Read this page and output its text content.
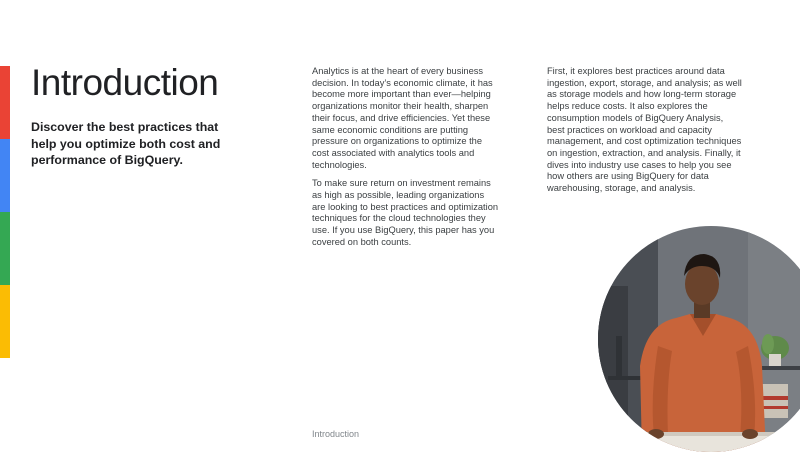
Introduction

Discover the best practices that help you optimize both cost and performance of BigQuery.

Analytics is at the heart of every business decision. In today’s economic climate, it has become more important than ever—helping organizations monitor their health, sharpen their focus, and drive efficiencies. Yet these same economic conditions are putting pressure on organizations to optimize the cost associated with analytics tools and technologies.

To make sure return on investment remains as high as possible, leading organizations are looking to best practices and optimization techniques for the cloud technologies they use. If you use BigQuery, this paper has you covered on both counts.

First, it explores best practices around data ingestion, export, storage, and analysis; as well as storage models and how long-term storage helps reduce costs. It also explores the consumption models of BigQuery Analysis, best practices on workload and capacity management, and cost optimization techniques on ingestion, extraction, and analysis. Finally, it dives into industry use cases to help you see how others are using BigQuery for data warehousing, storage, and analysis.

Introduction
